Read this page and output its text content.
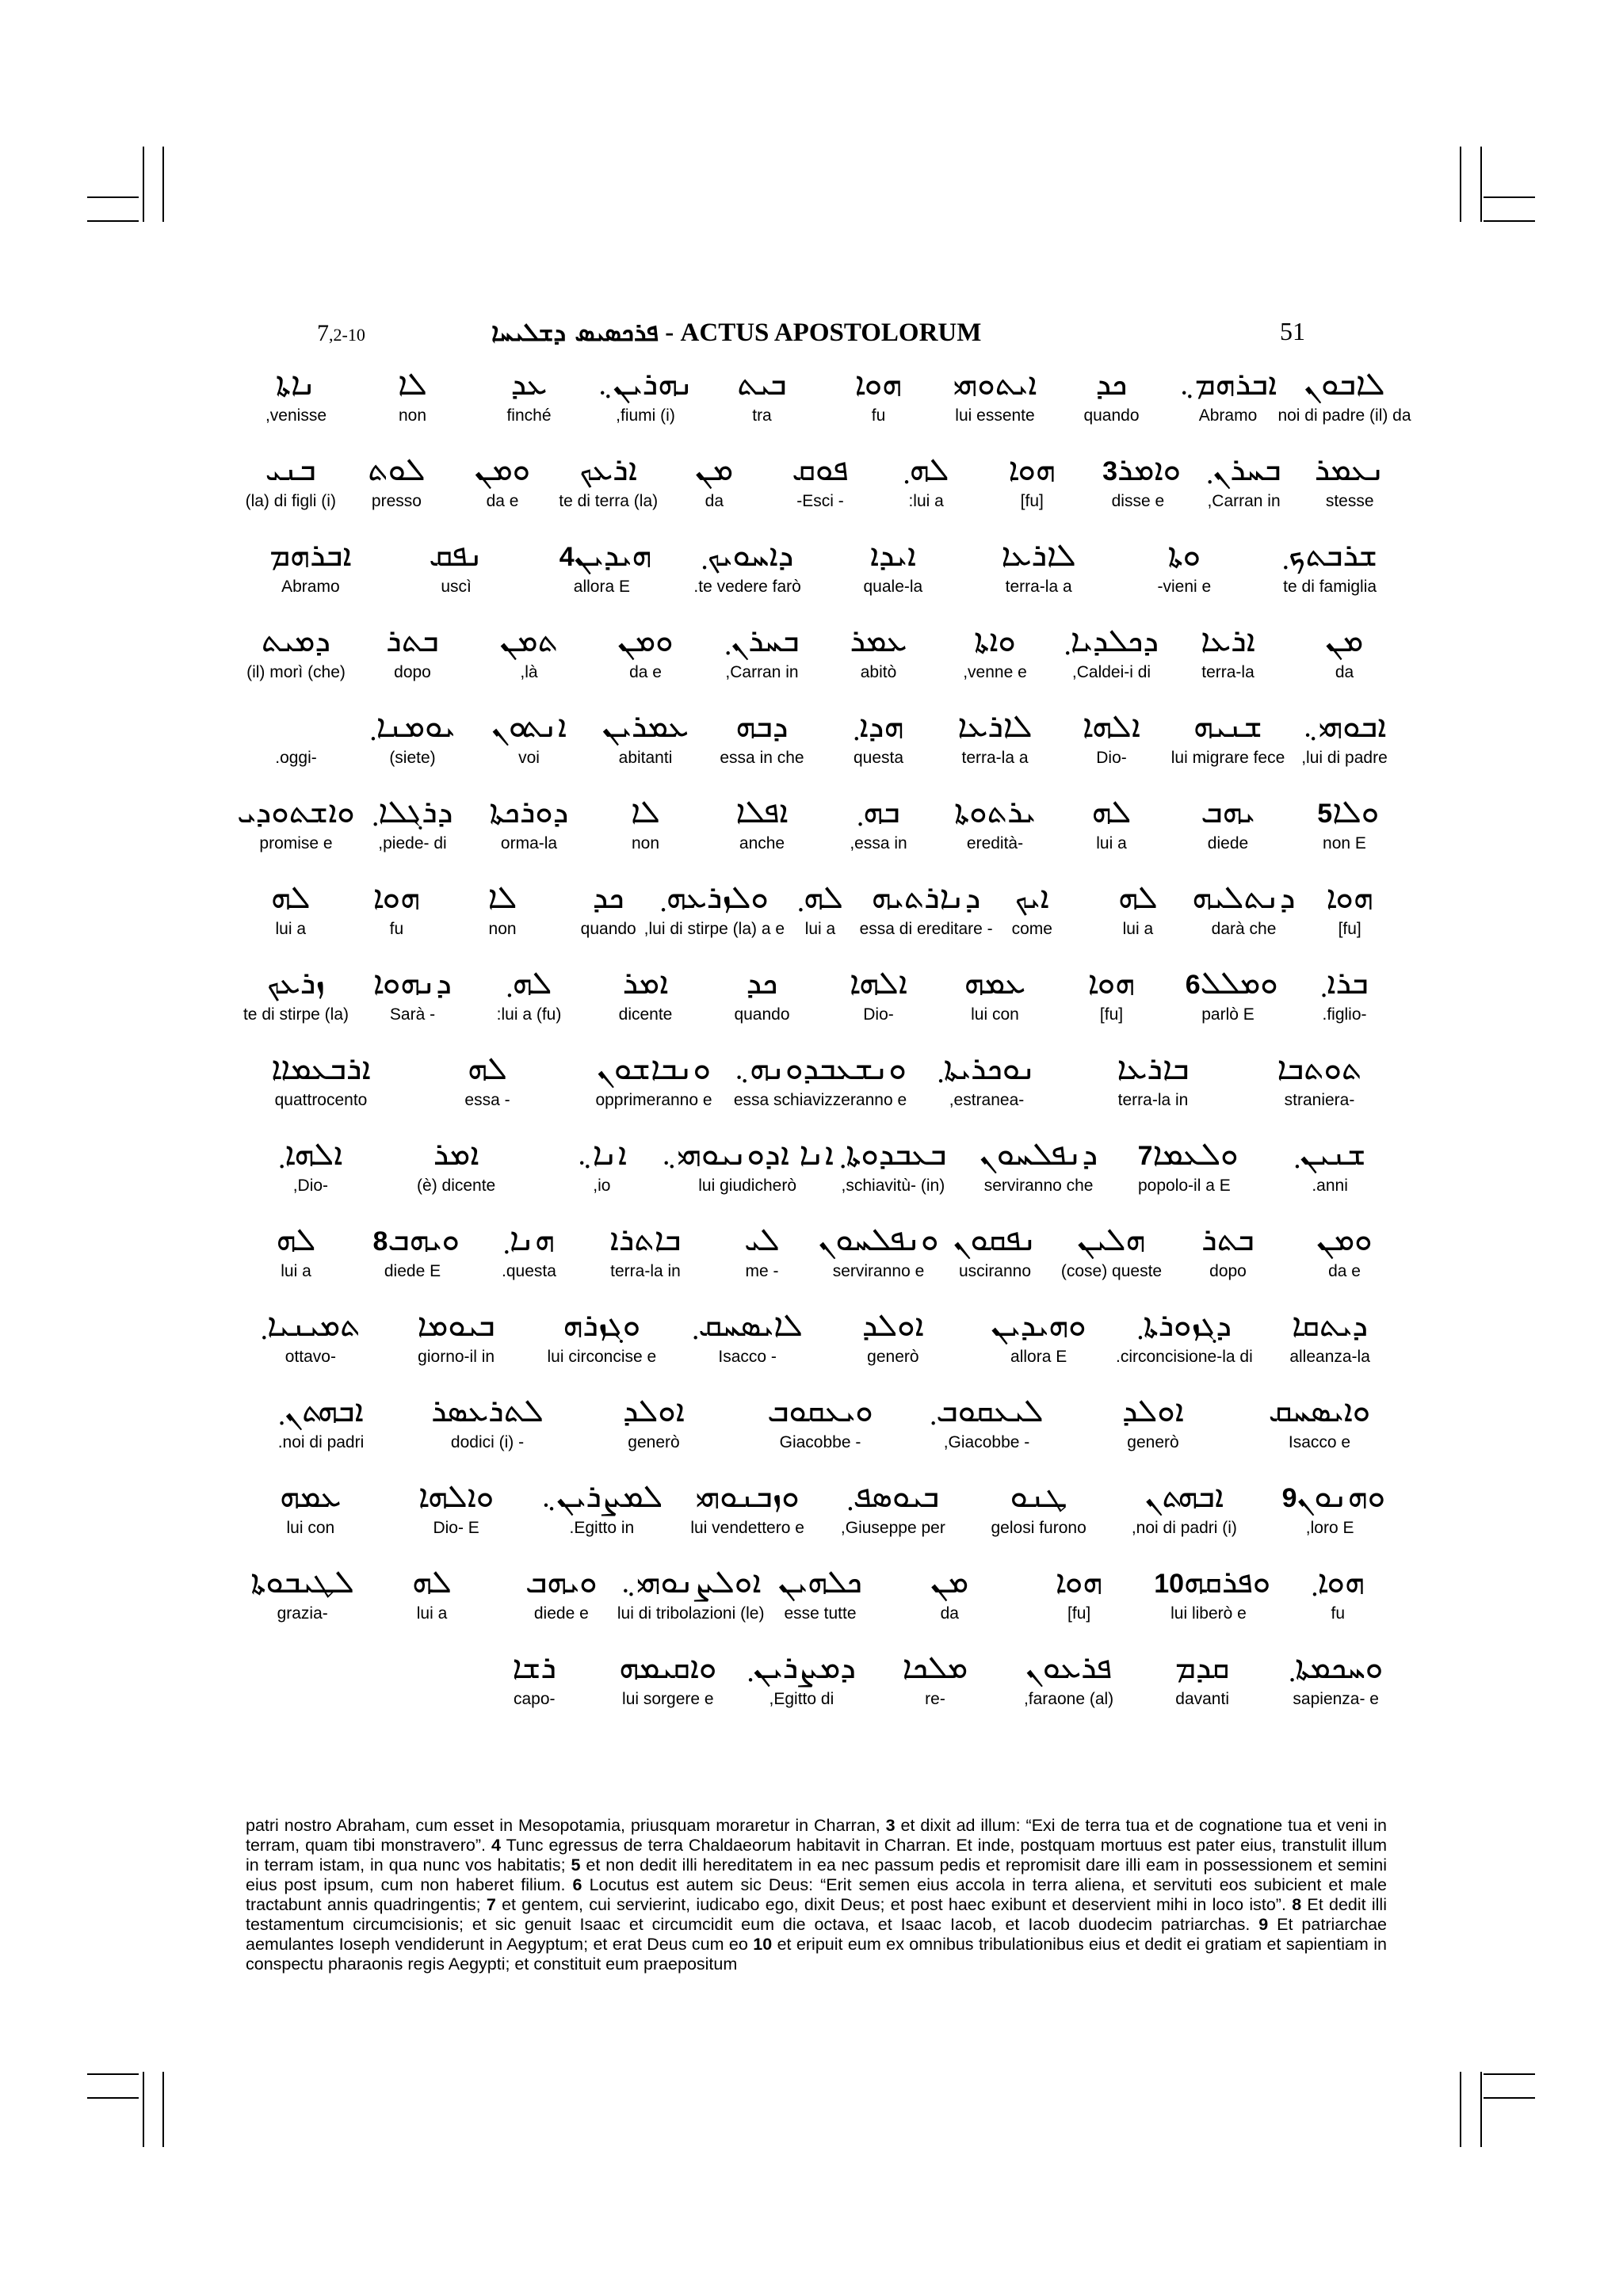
7,2-10	ܦܪܟܣܝܣ ܕܫܠܝܚܐ - ACTUS APOSTOLORUM	51
ܠܐܒܘܢ
noi di padre (il) da
ܐܒܪܗܡ܆
Abramo
ܟܕ
quando
ܐܝܬܘܗܝ
lui essente
ܗܘܐ
fu
ܒܝܬ
tra
ܢܗܪܝܢ܆
,fiumi (i)
ܥܕ
finché
ܠܐ
non
ܢܐܬܐ
,venisse
ܢܥܡܪ
stesse
ܒܚܪܢ܂
,Carran in
ܘܐܡܪ 3
disse e
ܗܘܐ
[fu]
ܠܗ܂
:lui a
ܦܘܩ
-Esci -
ܡܢ
da
ܐܪܥܟ
te di terra (la)
ܘܡܢ
da e
ܠܘܬ
presso
ܒܢܝ
(la) di figli (i)
ܫܪܒܬܟ܂
te di famiglia
ܘܬܐ
-vieni e
ܠܐܪܥܐ
terra-la a
ܐܝܕܐ
quale-la
ܕܐܚܘܝܟ܂
.te vedere farò
ܗܝܕܝܢ 4
allora E
ܢܦܩ
uscì
ܐܒܪܗܡ
Abramo
ܡܢ
da
ܐܪܥܐ
terra-la
ܕܟܠܕܝܐ܂
,Caldei-i di
ܘܐܬܐ
,venne e
ܥܡܪ
abitò
ܒܚܪܢ܂
,Carran in
ܘܡܢ
da e
ܬܡܢ
,là
ܒܬܪ
dopo
ܕܡܝܬ
(il) morì (che)
ܐܒܘܗܝ܆
,lui di padre
ܫܢܝܗ
lui migrare fece
ܐܠܗܐ
Dio-
ܠܐܪܥܐ
terra-la a
ܗܕܐ܂
questa
ܕܒܗ
essa in che
ܥܡܪܝܢ
abitanti
ܐܢܬܘܢ
voi
ܝܘܡܢܐ܂
(siete)
.oggi-
ܘܠܐ 5
non E
ܝܗܒ
diede
ܠܗ
lui a
ܝܪܬܘܬܐ
eredità-
ܒܗ܂
,essa in
ܐܦܠܐ
anche
ܠܐ
non
ܕܘܪܟܬܐ
orma-la
ܕܪܓܠܐ܂
,piede- di
ܘܐܫܬܘܕܝ
promise e
ܗܘܐ
[fu]
ܕܢܬܠܝܗ
darà che
ܠܗ
lui a
ܐܝܟ
come
ܕܢܐܪܬܝܗ
essa di ereditare -
ܠܗ܂
lui a
ܘܠܙܪܥܗ܂
,lui di stirpe (la) a e
ܟܕ
quando
ܠܐ
non
ܗܘܐ
fu
ܠܗ
lui a
ܒܪܐ܂
.figlio-
ܘܡܠܠ 6
parlò E
ܗܘܐ
[fu]
ܥܡܗ
lui con
ܐܠܗܐ
Dio-
ܟܕ
quando
ܐܡܪ
dicente
ܠܗ܂
:lui a (fu)
ܕܢܗܘܐ
Sarà -
ܙܪܥܟ
te di stirpe (la)
ܬܘܬܒܐ
straniera-
ܒܐܪܥܐ
terra-la in
ܢܘܟܪܝܬܐ܂
,estranea-
ܘܢܫܥܒܕܘܢܗ܆
essa schiavizzeranno e
ܘܢܒܐܫܘܢ
opprimeranno e
ܠܗ
essa -
ܐܪܒܥܡܐܐ
quattrocento
ܫܢܝܢ܂
.anni
ܘܠܥܡܐ 7
popolo-il a E
ܕܢܦܠܚܘܢ
serviranno che
ܒܥܒܕܘܬܐ܂
,schiavitù- (in)
ܐܢܐ ܐܕܘܢܝܘܗܝ܆
lui giudicherò
ܐܢܐ܆
,io
ܐܡܪ
(è) dicente
ܐܠܗܐ܂
,Dio-
ܘܡܢ
da e
ܒܬܪ
dopo
ܗܠܝܢ
(cose) queste
ܢܦܩܘܢ
usciranno
ܘܢܦܠܚܘܢ
serviranno e
ܠܝ
me -
ܒܐܬܪܐ
terra-la in
ܗܢܐ܂
.questa
ܘܝܗܒ 8
diede E
ܠܗ
lui a
ܕܝܬܩܐ
alleanza-la
ܕܓܙܘܪܬܐ܂
.circoncisione-la di
ܘܗܝܕܝܢ
allora E
ܐܘܠܕ
generò
ܠܐܝܣܚܩ܂
Isacco -
ܘܓܙܪܗ
lui circoncise e
ܒܝܘܡܐ
giorno-il in
ܬܡܝܢܝܐ܂
ottavo-
ܘܐܝܣܚܩ
Isacco e
ܐܘܠܕ
generò
ܠܝܥܩܘܒ܂
,Giacobbe -
ܘܝܥܩܘܒ
Giacobbe -
ܐܘܠܕ
generò
ܠܬܪܥܣܪ
dodici (i) -
ܐܒܗܬܢ܂
.noi di padri
ܘܗܢܘܢ 9
,loro E
ܐܒܗܬܢ
,noi di padri (i)
ܛܢܘ
gelosi furono
ܒܝܘܣܦ܂
,Giuseppe per
ܘܙܒܢܘܗܝ
lui vendettero e
ܠܡܨܪܝܢ܆
.Egitto in
ܘܐܠܗܐ
Dio- E
ܥܡܗ
lui con
ܗܘܐ܂
fu
ܘܦܪܩܗ 10
lui liberò e
ܗܘܐ
[fu]
ܡܢ
da
ܟܠܗܝܢ
esse tutte
ܐܘܠܨܢܘܗܝ܆
lui di tribolazioni (le)
ܘܝܗܒ
diede e
ܠܗ
lui a
ܠܛܝܒܘܬܐ
grazia-
ܘܚܟܡܬܐ܂
sapienza- e
ܩܕܡ
davanti
ܦܪܥܘܢ
,faraone (al)
ܡܠܟܐ
re-
ܕܡܨܪܝܢ܂
,Egitto di
ܘܐܩܝܡܗ
lui sorgere e
ܪܫܐ
capo-
patri nostro Abraham, cum esset in Mesopotamia, priusquam moraretur in Charran, 3 et dixit ad illum: “Exi de terra tua et de cognatione tua et veni in terram, quam tibi monstravero”. 4 Tunc egressus de terra Chaldaeorum habitavit in Charran. Et inde, postquam mortuus est pater eius, transtulit illum in terram istam, in qua nunc vos habitatis; 5 et non dedit illi hereditatem in ea nec passum pedis et repromisit dare illi eam in possessionem et semini eius post ipsum, cum non haberet filium. 6 Locutus est autem sic Deus: “Erit semen eius accola in terra aliena, et servituti eos subicient et male tractabunt annis quadringentis; 7 et gentem, cui servierint, iudicabo ego, dixit Deus; et post haec exibunt et deservient mihi in loco isto”. 8 Et dedit illi testamentum circumcisionis; et sic genuit Isaac et circumcidit eum die octava, et Isaac Iacob, et Iacob duodecim patriarchas. 9 Et patriarchae aemulantes Ioseph vendiderunt in Aegyptum; et erat Deus cum eo 10 et eripuit eum ex omnibus tribulationibus eius et dedit ei gratiam et sapientiam in conspectu pharaonis regis Aegypti; et constituit eum praepositum
